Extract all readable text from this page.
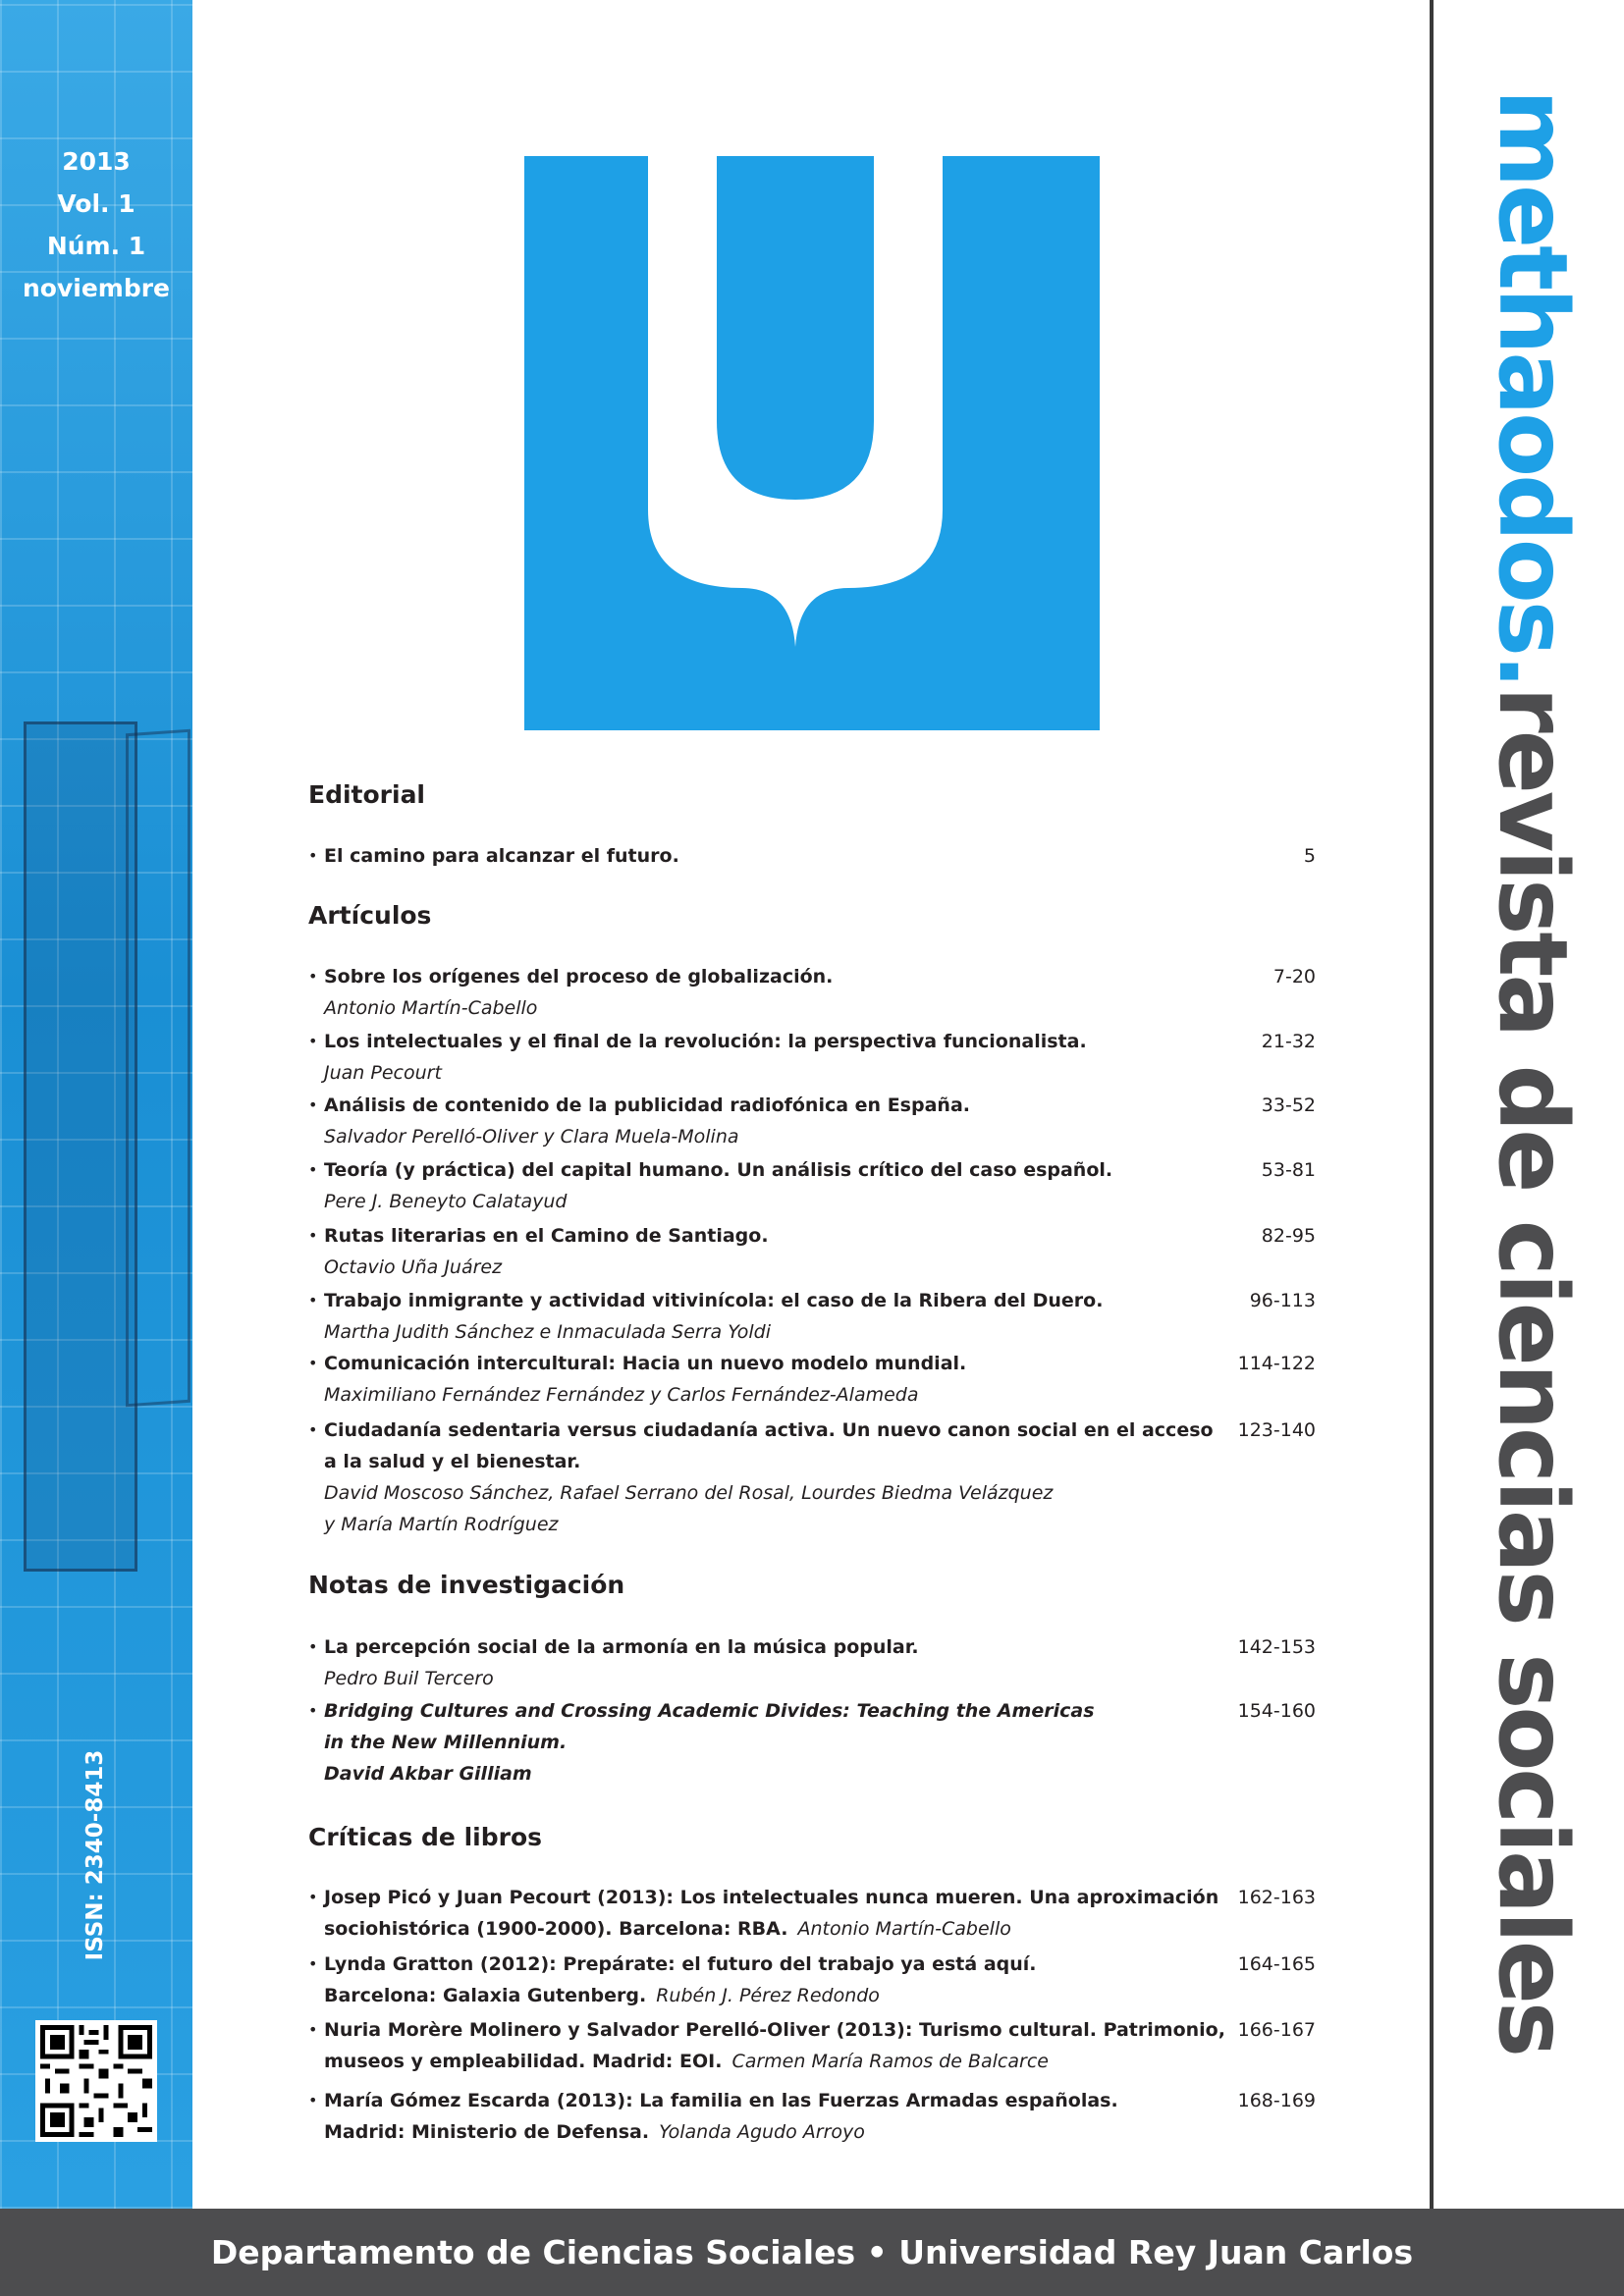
2013
Vol. 1
Núm. 1
noviembre
ISSN: 2340-8413
methaodos.revista de ciencias sociales
Editorial
• El camino para alcanzar el futuro.	5
Artículos
• Sobre los orígenes del proceso de globalización.
Antonio Martín-Cabello
7-20
• Los intelectuales y el final de la revolución: la perspectiva funcionalista.
Juan Pecourt
21-32
• Análisis de contenido de la publicidad radiofónica en España.
Salvador Perelló-Oliver y Clara Muela-Molina
33-52
• Teoría (y práctica) del capital humano. Un análisis crítico del caso español.
Pere J. Beneyto Calatayud
53-81
• Rutas literarias en el Camino de Santiago.
Octavio Uña Juárez
82-95
• Trabajo inmigrante y actividad vitivinícola: el caso de la Ribera del Duero.
Martha Judith Sánchez e Inmaculada Serra Yoldi
96-113
• Comunicación intercultural: Hacia un nuevo modelo mundial.
Maximiliano Fernández Fernández y Carlos Fernández-Alameda
114-122
• Ciudadanía sedentaria versus ciudadanía activa. Un nuevo canon social en el acceso
a la salud y el bienestar.
David Moscoso Sánchez, Rafael Serrano del Rosal, Lourdes Biedma Velázquez
y María Martín Rodríguez
123-140
Notas de investigación
• La percepción social de la armonía en la música popular.
Pedro Buil Tercero
142-153
• Bridging Cultures and Crossing Academic Divides: Teaching the Americas
in the New Millennium.
David Akbar Gilliam
154-160
Críticas de libros
• Josep Picó y Juan Pecourt (2013): Los intelectuales nunca mueren. Una aproximación
sociohistórica (1900-2000). Barcelona: RBA. Antonio Martín-Cabello
162-163
• Lynda Gratton (2012): Prepárate: el futuro del trabajo ya está aquí.
Barcelona: Galaxia Gutenberg. Rubén J. Pérez Redondo
164-165
• Nuria Morère Molinero y Salvador Perelló-Oliver (2013): Turismo cultural. Patrimonio,
museos y empleabilidad. Madrid: EOI. Carmen María Ramos de Balcarce
166-167
• María Gómez Escarda (2013): La familia en las Fuerzas Armadas españolas.
Madrid: Ministerio de Defensa. Yolanda Agudo Arroyo
168-169
Departamento de Ciencias Sociales • Universidad Rey Juan Carlos
